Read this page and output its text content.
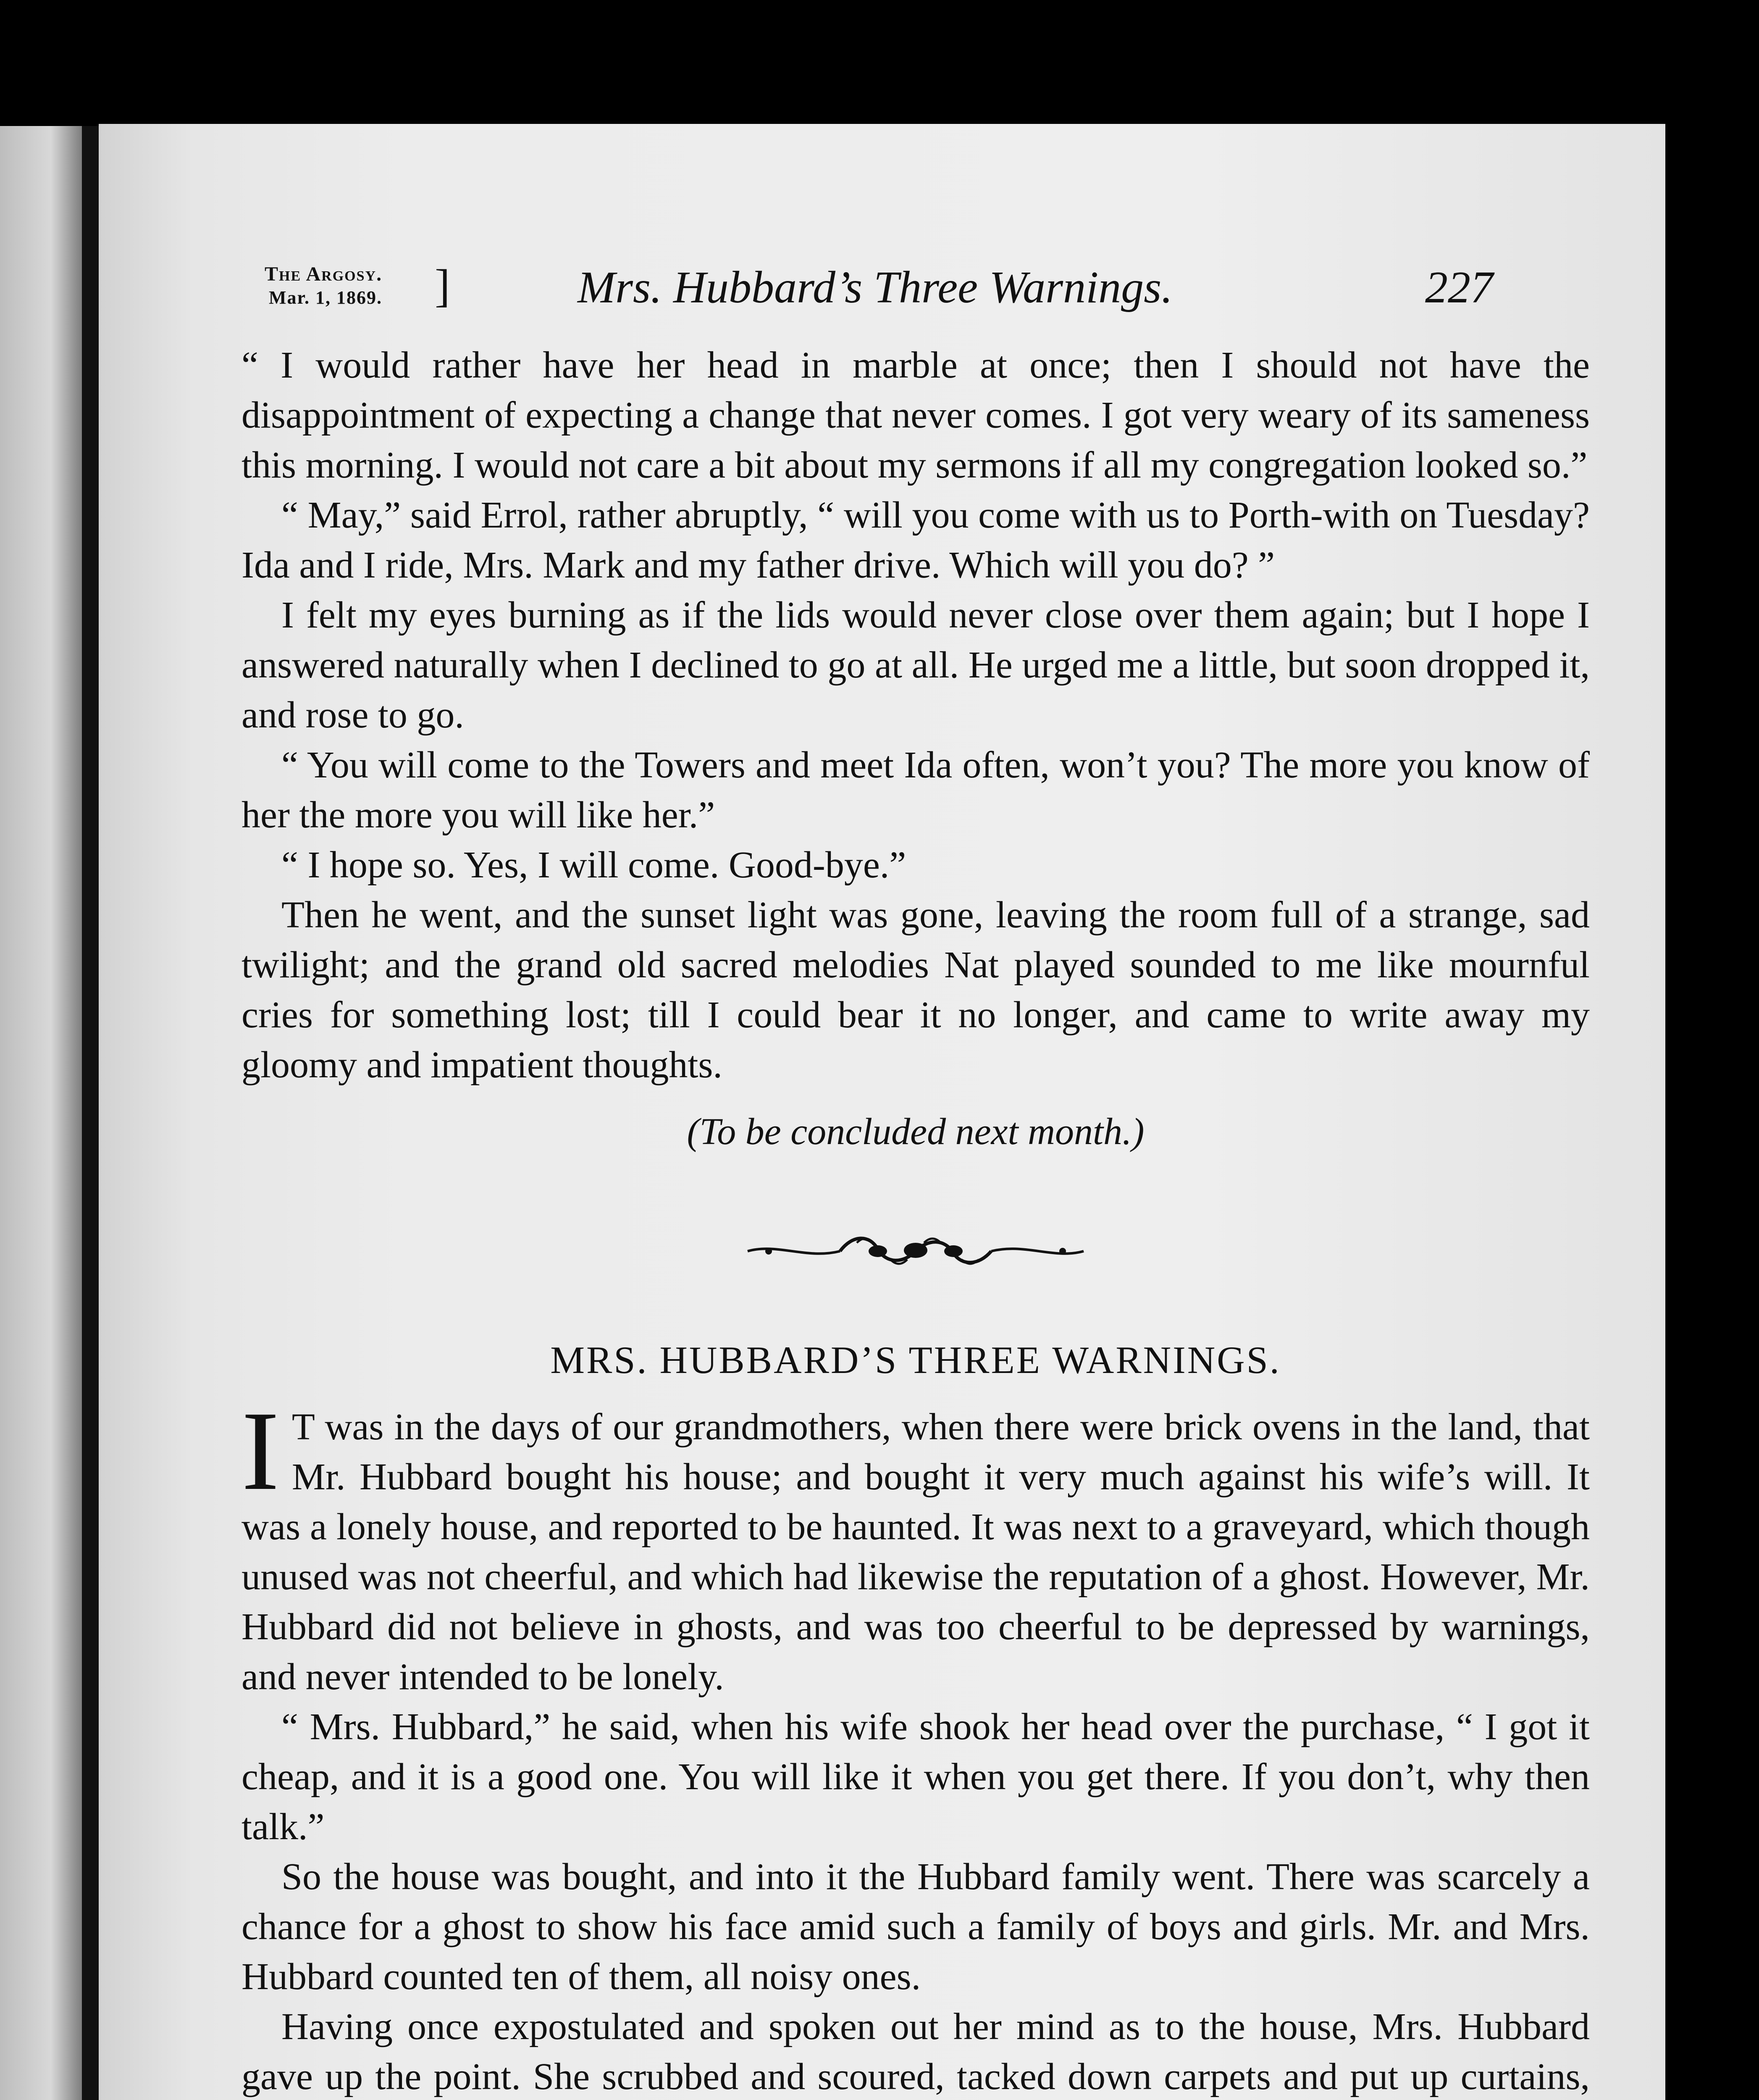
The Argosy.
Mar. 1, 1869. ]	Mrs. Hubbard’s Three Warnings.	227

“ I would rather have her head in marble at once; then I should not have the disappointment of expecting a change that never comes. I got very weary of its sameness this morning. I would not care a bit about my sermons if all my congregation looked so.”

“ May,” said Errol, rather abruptly, “ will you come with us to Porth-with on Tuesday? Ida and I ride, Mrs. Mark and my father drive. Which will you do? ”

I felt my eyes burning as if the lids would never close over them again; but I hope I answered naturally when I declined to go at all. He urged me a little, but soon dropped it, and rose to go.

“ You will come to the Towers and meet Ida often, won’t you? The more you know of her the more you will like her.”

“ I hope so. Yes, I will come. Good-bye.”

Then he went, and the sunset light was gone, leaving the room full of a strange, sad twilight; and the grand old sacred melodies Nat played sounded to me like mournful cries for something lost; till I could bear it no longer, and came to write away my gloomy and impatient thoughts.

(To be concluded next month.)

MRS. HUBBARD’S THREE WARNINGS.

I T was in the days of our grandmothers, when there were brick ovens in the land, that Mr. Hubbard bought his house; and bought it very much against his wife’s will. It was a lonely house, and reported to be haunted. It was next to a graveyard, which though unused was not cheerful, and which had likewise the reputation of a ghost. However, Mr. Hubbard did not believe in ghosts, and was too cheerful to be depressed by warnings, and never intended to be lonely.

“ Mrs. Hubbard,” he said, when his wife shook her head over the purchase, “ I got it cheap, and it is a good one. You will like it when you get there. If you don’t, why then talk.”

So the house was bought, and into it the Hubbard family went. There was scarcely a chance for a ghost to show his face amid such a family of boys and girls. Mr. and Mrs. Hubbard counted ten of them, all noisy ones.

Having once expostulated and spoken out her mind as to the house, Mrs. Hubbard gave up the point. She scrubbed and scoured, tacked down carpets and put up curtains,
